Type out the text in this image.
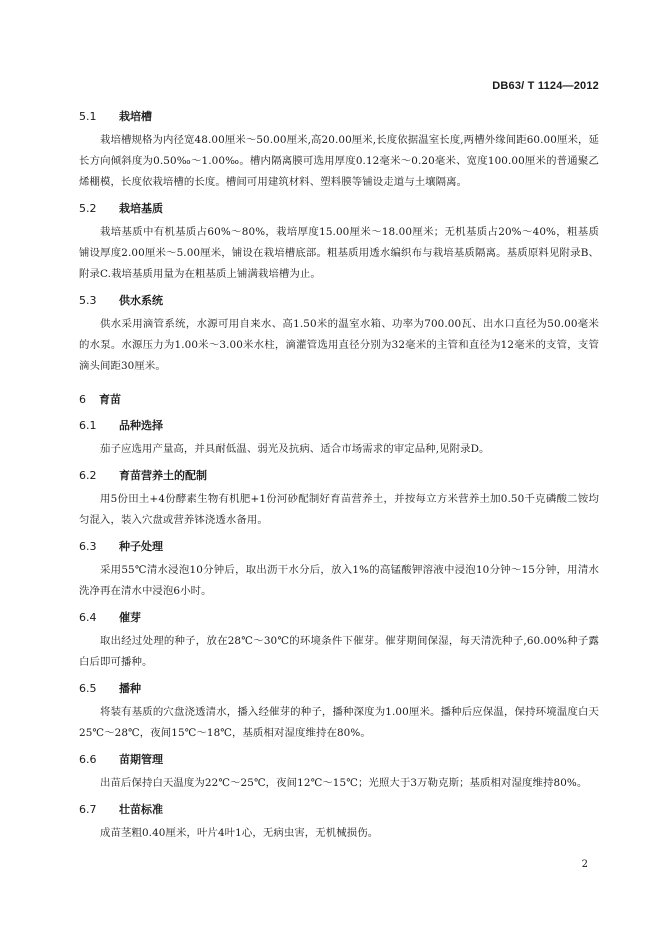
DB63/ T 1124—2012
5.1 栽培槽

栽培槽规格为内径宽48.00厘米～50.00厘米,高20.00厘米,长度依据温室长度,两槽外缘间距60.00厘米，延长方向倾斜度为0.50‰～1.00‰。槽内隔离膜可选用厚度0.12毫米～0.20毫米、宽度100.00厘米的普通聚乙烯棚模，长度依栽培槽的长度。槽间可用建筑材料、塑料膜等铺设走道与土壤隔离。

5.2 栽培基质

栽培基质中有机基质占60%～80%，栽培厚度15.00厘米～18.00厘米；无机基质占20%～40%，粗基质铺设厚度2.00厘米～5.00厘米，铺设在栽培槽底部。粗基质用透水编织布与栽培基质隔离。基质原料见附录B、附录C.栽培基质用量为在粗基质上铺满栽培槽为止。

5.3 供水系统

供水采用滴管系统，水源可用自来水、高1.50米的温室水箱、功率为700.00瓦、出水口直径为50.00毫米的水泵。水源压力为1.00米～3.00米水柱，滴灌管选用直径分别为32毫米的主管和直径为12毫米的支管，支管滴头间距30厘米。

6 育苗
6.1 品种选择

茄子应选用产量高，并具耐低温、弱光及抗病、适合市场需求的审定品种,见附录D。

6.2 育苗营养土的配制

用5份田土+4份酵素生物有机肥+1份河砂配制好育苗营养土，并按每立方米营养土加0.50千克磷酸二铵均匀混入，装入穴盘或营养钵浇透水备用。

6.3 种子处理

采用55℃清水浸泡10分钟后，取出沥干水分后，放入1%的高锰酸钾溶液中浸泡10分钟～15分钟，用清水洗净再在清水中浸泡6小时。

6.4 催芽

取出经过处理的种子，放在28℃～30℃的环境条件下催芽。催芽期间保湿，每天清洗种子,60.00%种子露白后即可播种。

6.5 播种

将装有基质的穴盘浇透清水，播入经催芽的种子，播种深度为1.00厘米。播种后应保温，保持环境温度白天25℃～28℃，夜间15℃～18℃，基质相对湿度维持在80%。

6.6 苗期管理

出苗后保持白天温度为22℃～25℃，夜间12℃～15℃；光照大于3万勒克斯；基质相对湿度维持80%。

6.7 壮苗标准

成苗茎粗0.40厘米，叶片4叶1心，无病虫害，无机械损伤。

2
